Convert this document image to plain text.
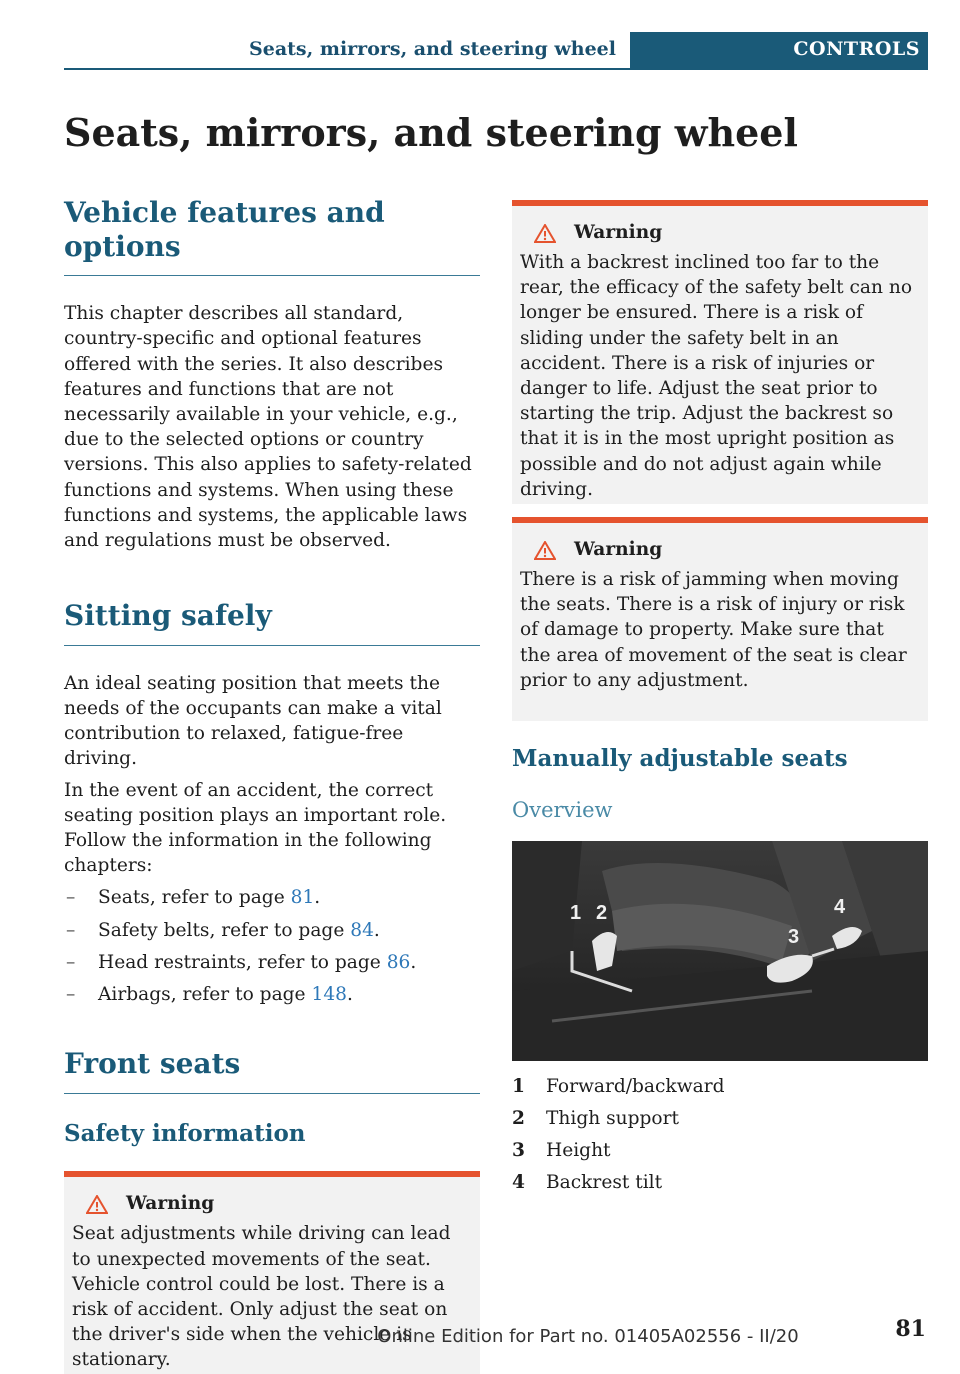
Seats, mirrors, and steering wheel	CONTROLS
Seats, mirrors, and steering wheel
Vehicle features and options

This chapter describes all standard, country-specific and optional features offered with the series. It also describes features and functions that are not necessarily available in your vehicle, e.g., due to the selected options or country versions. This also applies to safety-related functions and systems. When using these functions and systems, the applicable laws and regulations must be observed.

Sitting safely

An ideal seating position that meets the needs of the occupants can make a vital contribution to relaxed, fatigue-free driving.

In the event of an accident, the correct seating position plays an important role. Follow the information in the following chapters:

– Seats, refer to page 81.
– Safety belts, refer to page 84.
– Head restraints, refer to page 86.
– Airbags, refer to page 148.
Front seats
Safety information
Warning

Seat adjustments while driving can lead to unexpected movements of the seat. Vehicle control could be lost. There is a risk of accident. Only adjust the seat on the driver's side when the vehicle is stationary.

Warning

With a backrest inclined too far to the rear, the efficacy of the safety belt can no longer be ensured. There is a risk of sliding under the safety belt in an accident. There is a risk of injuries or danger to life. Adjust the seat prior to starting the trip. Adjust the backrest so that it is in the most upright position as possible and do not adjust again while driving.

Warning

There is a risk of jamming when moving the seats. There is a risk of injury or risk of damage to property. Make sure that the area of movement of the seat is clear prior to any adjustment.

Manually adjustable seats
Overview
1 2
3
4
1	Forward/backward
2	Thigh support
3	Height
4	Backrest tilt
Online Edition for Part no. 01405A02556 - II/20	81
